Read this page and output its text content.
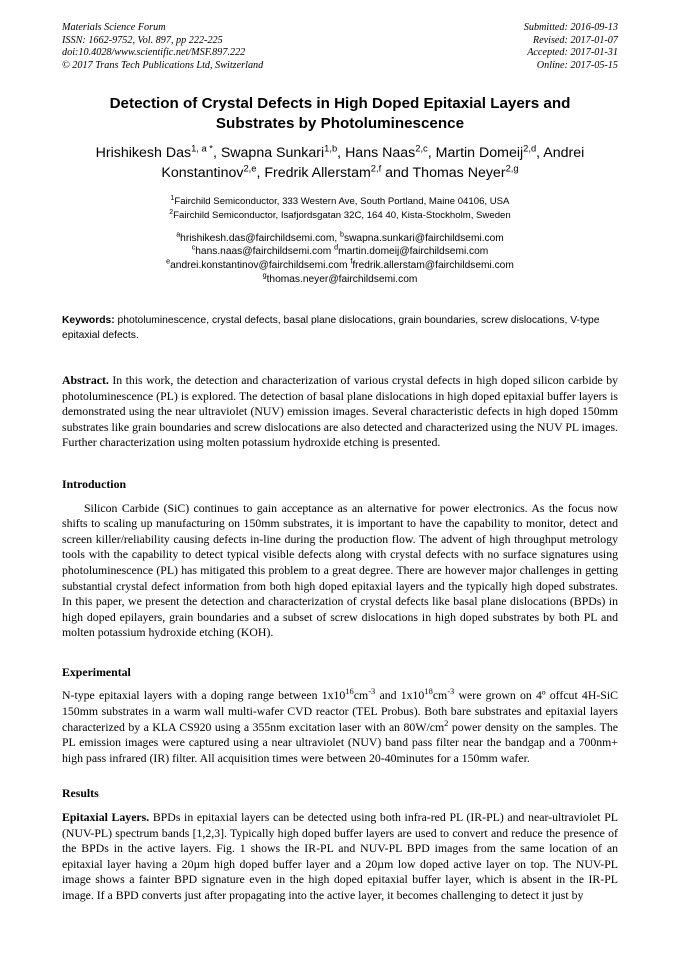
Materials Science Forum
ISSN: 1662-9752, Vol. 897, pp 222-225
doi:10.4028/www.scientific.net/MSF.897.222
© 2017 Trans Tech Publications Ltd, Switzerland
Submitted: 2016-09-13
Revised: 2017-01-07
Accepted: 2017-01-31
Online: 2017-05-15
Detection of Crystal Defects in High Doped Epitaxial Layers and Substrates by Photoluminescence
Hrishikesh Das$^{1, a *}$, Swapna Sunkari$^{1,b}$, Hans Naas$^{2,c}$, Martin Domeij$^{2,d}$, Andrei Konstantinov$^{2,e}$, Fredrik Allerstam$^{2,f}$ and Thomas Neyer$^{2,g}$
$^1$Fairchild Semiconductor, 333 Western Ave, South Portland, Maine 04106, USA
$^2$Fairchild Semiconductor, Isafjordsgatan 32C, 164 40, Kista-Stockholm, Sweden
$^a$hrishikesh.das@fairchildsemi.com, $^b$swapna.sunkari@fairchildsemi.com
$^c$hans.naas@fairchildsemi.com $^d$martin.domeij@fairchildsemi.com
$^e$andrei.konstantinov@fairchildsemi.com $^f$fredrik.allerstam@fairchildsemi.com
$^g$thomas.neyer@fairchildsemi.com
Keywords: photoluminescence, crystal defects, basal plane dislocations, grain boundaries, screw dislocations, V-type epitaxial defects.
Abstract. In this work, the detection and characterization of various crystal defects in high doped silicon carbide by photoluminescence (PL) is explored. The detection of basal plane dislocations in high doped epitaxial buffer layers is demonstrated using the near ultraviolet (NUV) emission images. Several characteristic defects in high doped 150mm substrates like grain boundaries and screw dislocations are also detected and characterized using the NUV PL images. Further characterization using molten potassium hydroxide etching is presented.
Introduction

Silicon Carbide (SiC) continues to gain acceptance as an alternative for power electronics. As the focus now shifts to scaling up manufacturing on 150mm substrates, it is important to have the capability to monitor, detect and screen killer/reliability causing defects in-line during the production flow. The advent of high throughput metrology tools with the capability to detect typical visible defects along with crystal defects with no surface signatures using photoluminescence (PL) has mitigated this problem to a great degree. There are however major challenges in getting substantial crystal defect information from both high doped epitaxial layers and the typically high doped substrates. In this paper, we present the detection and characterization of crystal defects like basal plane dislocations (BPDs) in high doped epilayers, grain boundaries and a subset of screw dislocations in high doped substrates by both PL and molten potassium hydroxide etching (KOH).

Experimental

N-type epitaxial layers with a doping range between $1x10^{16}cm^{-3}$ and $1x10^{18}cm^{-3}$ were grown on 4º offcut 4H-SiC 150mm substrates in a warm wall multi-wafer CVD reactor (TEL Probus). Both bare substrates and epitaxial layers characterized by a KLA CS920 using a 355nm excitation laser with an $80W/cm^2$ power density on the samples. The PL emission images were captured using a near ultraviolet (NUV) band pass filter near the bandgap and a 700nm+ high pass infrared (IR) filter. All acquisition times were between 20-40minutes for a 150mm wafer.

Results

Epitaxial Layers. BPDs in epitaxial layers can be detected using both infra-red PL (IR-PL) and near-ultraviolet PL (NUV-PL) spectrum bands [1,2,3]. Typically high doped buffer layers are used to convert and reduce the presence of the BPDs in the active layers. Fig. 1 shows the IR-PL and NUV-PL BPD images from the same location of an epitaxial layer having a 20µm high doped buffer layer and a 20µm low doped active layer on top. The NUV-PL image shows a fainter BPD signature even in the high doped epitaxial buffer layer, which is absent in the IR-PL image. If a BPD converts just after propagating into the active layer, it becomes challenging to detect it just by
